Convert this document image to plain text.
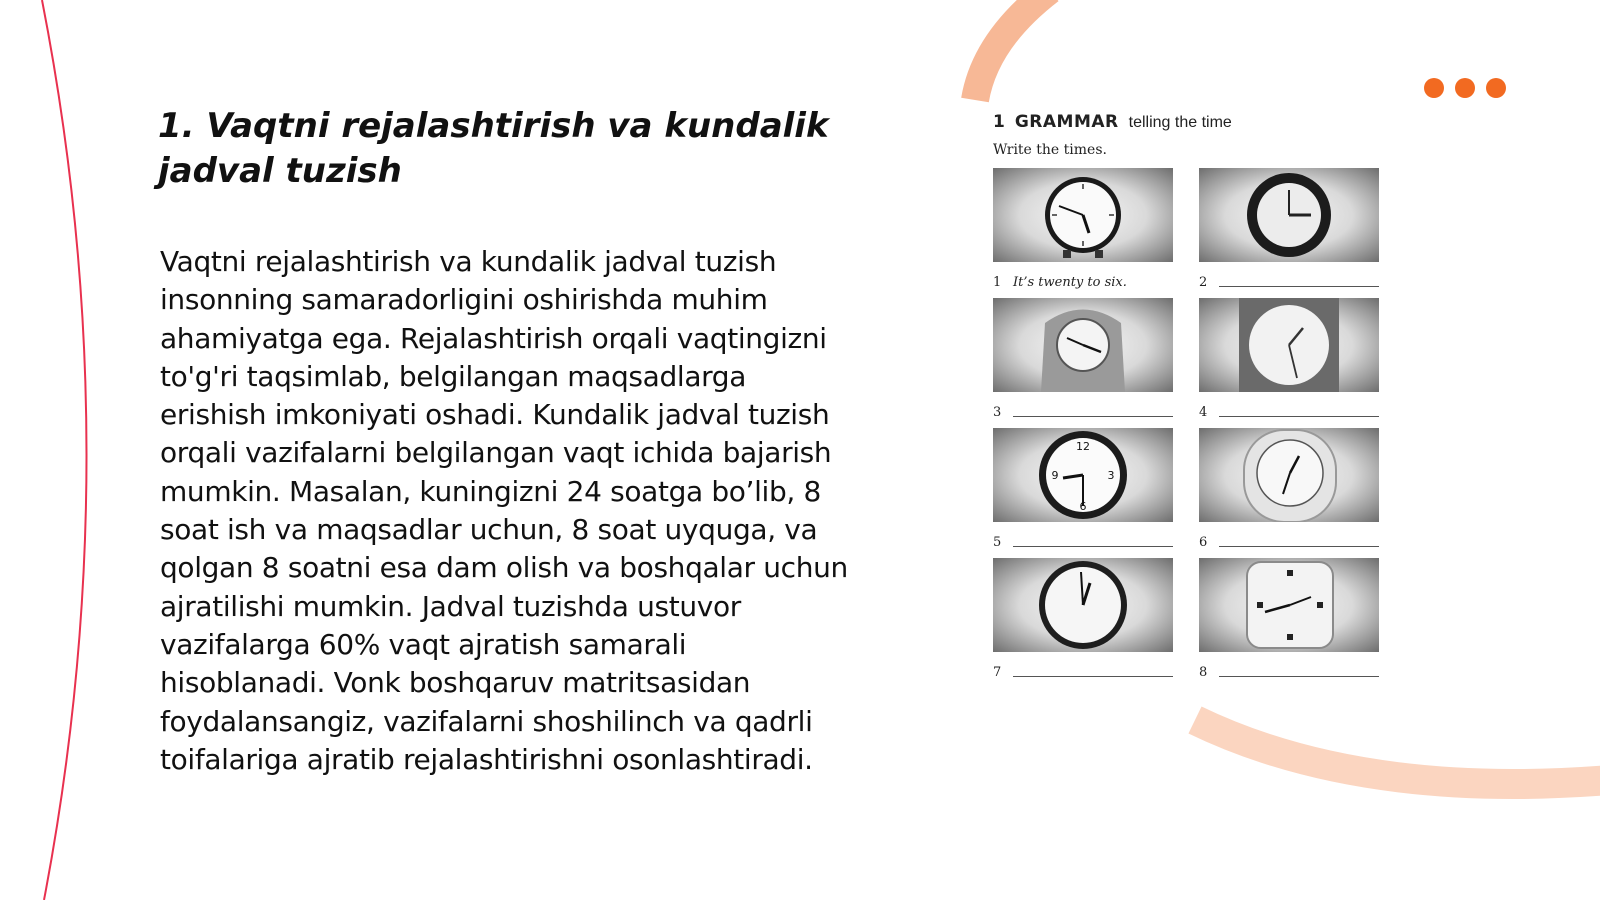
1. Vaqtni rejalashtirish va kundalik jadval tuzish

Vaqtni rejalashtirish va kundalik jadval tuzish insonning samaradorligini oshirishda muhim ahamiyatga ega. Rejalashtirish orqali vaqtingizni to'g'ri taqsimlab, belgilangan maqsadlarga erishish imkoniyati oshadi. Kundalik jadval tuzish orqali vazifalarni belgilangan vaqt ichida bajarish mumkin. Masalan, kuningizni 24 soatga bo’lib, 8 soat ish va maqsadlar uchun, 8 soat uyquga, va qolgan 8 soatni esa dam olish va boshqalar uchun ajratilishi mumkin. Jadval tuzishda ustuvor vazifalarga 60% vaqt ajratish samarali hisoblanadi. Vonk boshqaruv matritsasidan foydalansangiz, vazifalarni shoshilinch va qadrli toifalariga ajratib rejalashtirishni osonlashtiradi.

1 GRAMMAR telling the time
Write the times.
1 It’s twenty to six.	2
3	4
12
3
6
9
5	6
7	8
